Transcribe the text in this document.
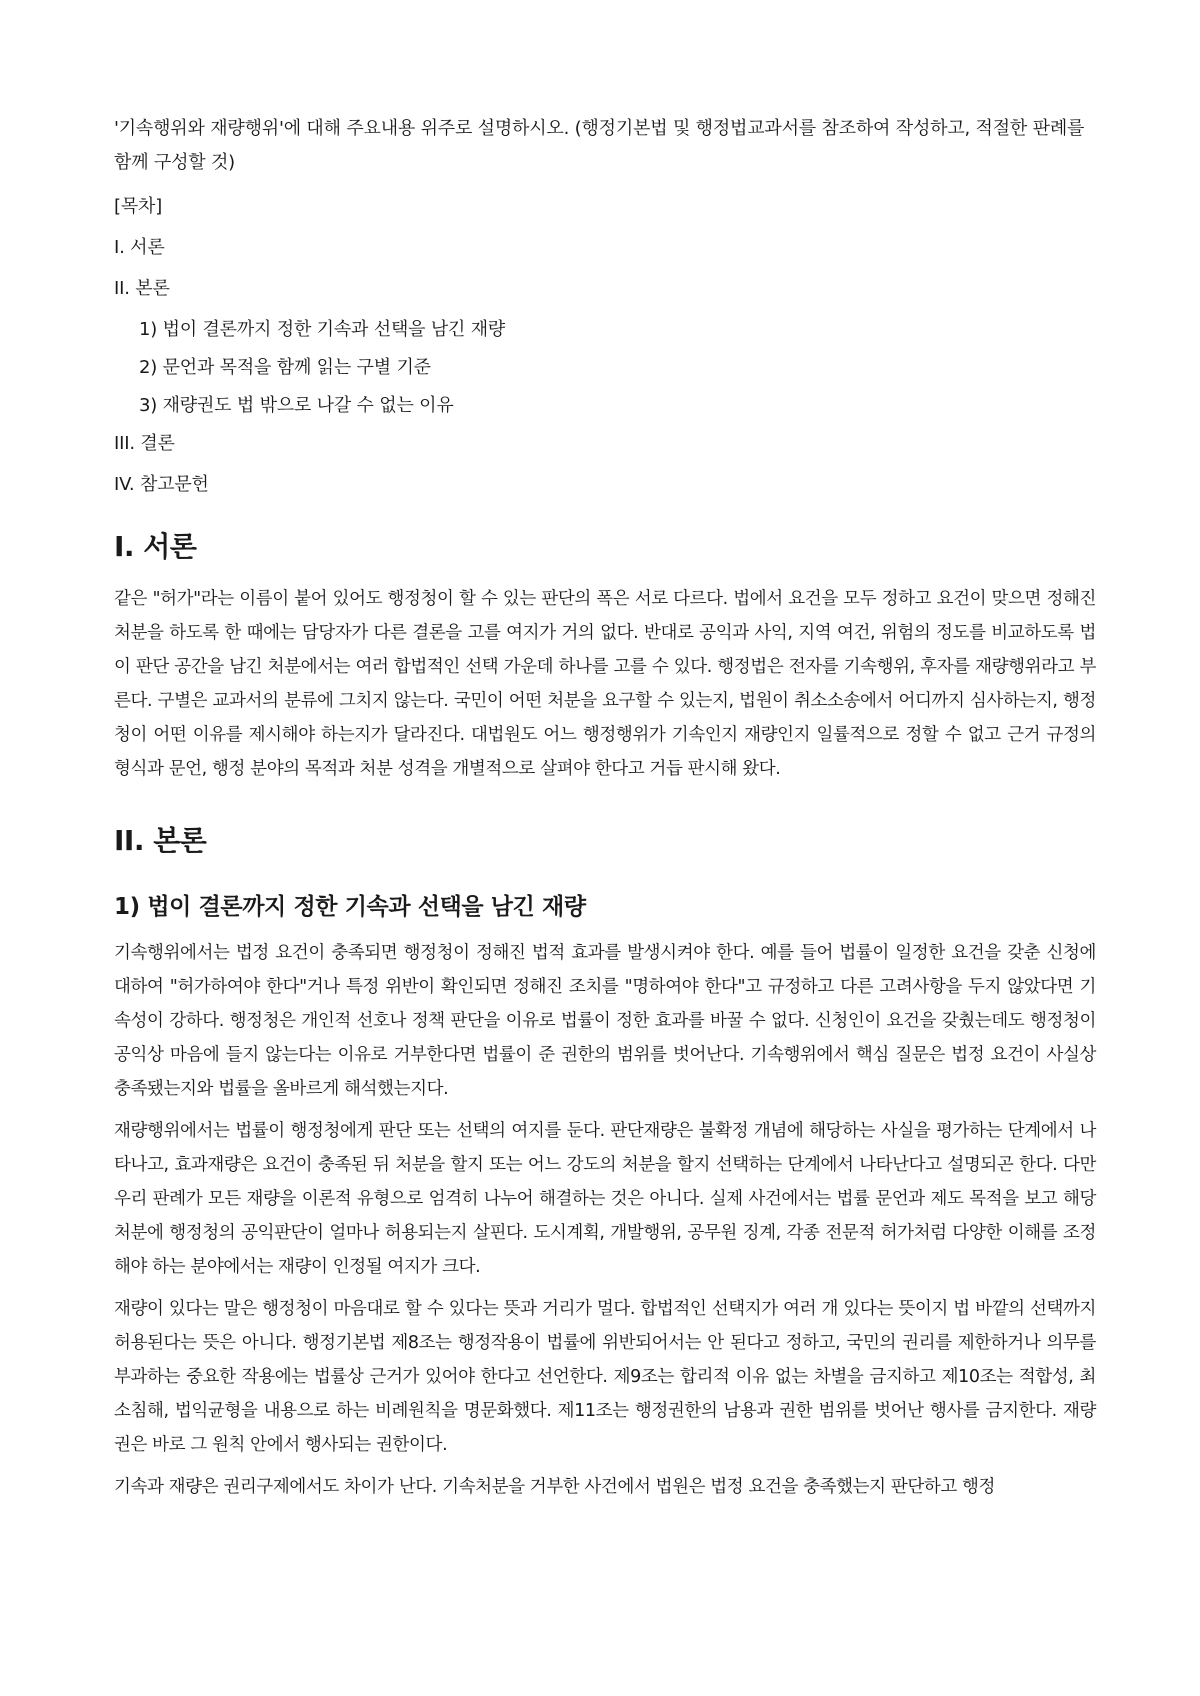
'기속행위와 재량행위'에 대해 주요내용 위주로 설명하시오. (행정기본법 및 행정법교과서를 참조하여 작성하고, 적절한 판례를 함께 구성할 것)

[목차]
I. 서론
II. 본론
1) 법이 결론까지 정한 기속과 선택을 남긴 재량
2) 문언과 목적을 함께 읽는 구별 기준
3) 재량권도 법 밖으로 나갈 수 없는 이유
III. 결론
IV. 참고문헌
I. 서론

같은 "허가"라는 이름이 붙어 있어도 행정청이 할 수 있는 판단의 폭은 서로 다르다. 법에서 요건을 모두 정하고 요건이 맞으면 정해진 처분을 하도록 한 때에는 담당자가 다른 결론을 고를 여지가 거의 없다. 반대로 공익과 사익, 지역 여건, 위험의 정도를 비교하도록 법이 판단 공간을 남긴 처분에서는 여러 합법적인 선택 가운데 하나를 고를 수 있다. 행정법은 전자를 기속행위, 후자를 재량행위라고 부른다. 구별은 교과서의 분류에 그치지 않는다. 국민이 어떤 처분을 요구할 수 있는지, 법원이 취소소송에서 어디까지 심사하는지, 행정청이 어떤 이유를 제시해야 하는지가 달라진다. 대법원도 어느 행정행위가 기속인지 재량인지 일률적으로 정할 수 없고 근거 규정의 형식과 문언, 행정 분야의 목적과 처분 성격을 개별적으로 살펴야 한다고 거듭 판시해 왔다.

II. 본론
1) 법이 결론까지 정한 기속과 선택을 남긴 재량

기속행위에서는 법정 요건이 충족되면 행정청이 정해진 법적 효과를 발생시켜야 한다. 예를 들어 법률이 일정한 요건을 갖춘 신청에 대하여 "허가하여야 한다"거나 특정 위반이 확인되면 정해진 조치를 "명하여야 한다"고 규정하고 다른 고려사항을 두지 않았다면 기속성이 강하다. 행정청은 개인적 선호나 정책 판단을 이유로 법률이 정한 효과를 바꿀 수 없다. 신청인이 요건을 갖췄는데도 행정청이 공익상 마음에 들지 않는다는 이유로 거부한다면 법률이 준 권한의 범위를 벗어난다. 기속행위에서 핵심 질문은 법정 요건이 사실상 충족됐는지와 법률을 올바르게 해석했는지다.

재량행위에서는 법률이 행정청에게 판단 또는 선택의 여지를 둔다. 판단재량은 불확정 개념에 해당하는 사실을 평가하는 단계에서 나타나고, 효과재량은 요건이 충족된 뒤 처분을 할지 또는 어느 강도의 처분을 할지 선택하는 단계에서 나타난다고 설명되곤 한다. 다만 우리 판례가 모든 재량을 이론적 유형으로 엄격히 나누어 해결하는 것은 아니다. 실제 사건에서는 법률 문언과 제도 목적을 보고 해당 처분에 행정청의 공익판단이 얼마나 허용되는지 살핀다. 도시계획, 개발행위, 공무원 징계, 각종 전문적 허가처럼 다양한 이해를 조정해야 하는 분야에서는 재량이 인정될 여지가 크다.

재량이 있다는 말은 행정청이 마음대로 할 수 있다는 뜻과 거리가 멀다. 합법적인 선택지가 여러 개 있다는 뜻이지 법 바깥의 선택까지 허용된다는 뜻은 아니다. 행정기본법 제8조는 행정작용이 법률에 위반되어서는 안 된다고 정하고, 국민의 권리를 제한하거나 의무를 부과하는 중요한 작용에는 법률상 근거가 있어야 한다고 선언한다. 제9조는 합리적 이유 없는 차별을 금지하고 제10조는 적합성, 최소침해, 법익균형을 내용으로 하는 비례원칙을 명문화했다. 제11조는 행정권한의 남용과 권한 범위를 벗어난 행사를 금지한다. 재량권은 바로 그 원칙 안에서 행사되는 권한이다.

기속과 재량은 권리구제에서도 차이가 난다. 기속처분을 거부한 사건에서 법원은 법정 요건을 충족했는지 판단하고 행정
